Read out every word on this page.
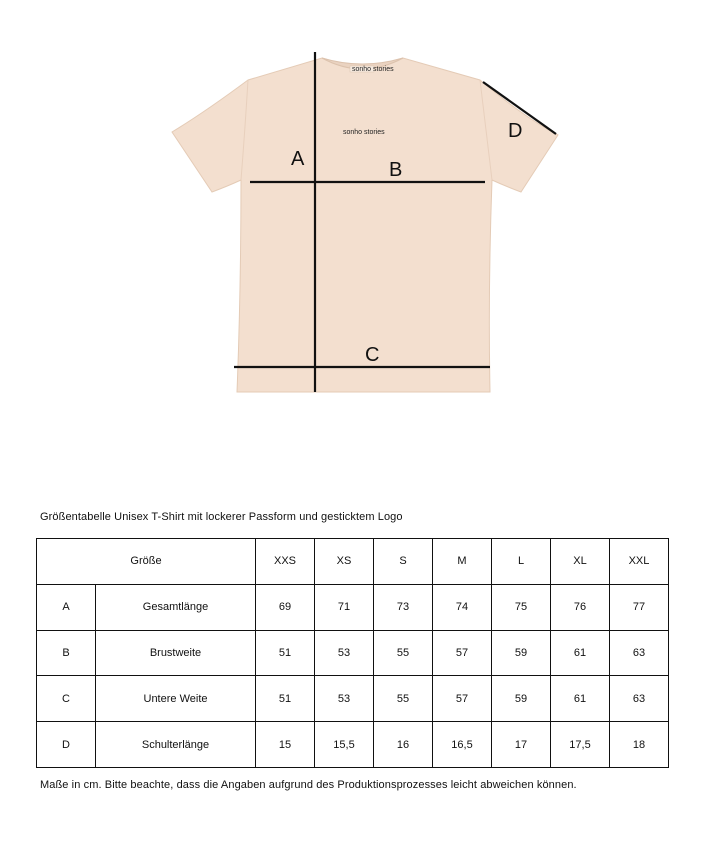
sonho stories
sonho stories
A	B
C
D
Größentabelle Unisex T-Shirt mit lockerer Passform und gesticktem Logo
Größe		XXS	XS	S	M	L	XL	XXL
A	Gesamtlänge	69	71	73	74	75	76	77
B	Brustweite	51	53	55	57	59	61	63
C	Untere Weite	51	53	55	57	59	61	63
D	Schulterlänge	15	15,5	16	16,5	17	17,5	18
Maße in cm. Bitte beachte, dass die Angaben aufgrund des Produktionsprozesses leicht abweichen können.
